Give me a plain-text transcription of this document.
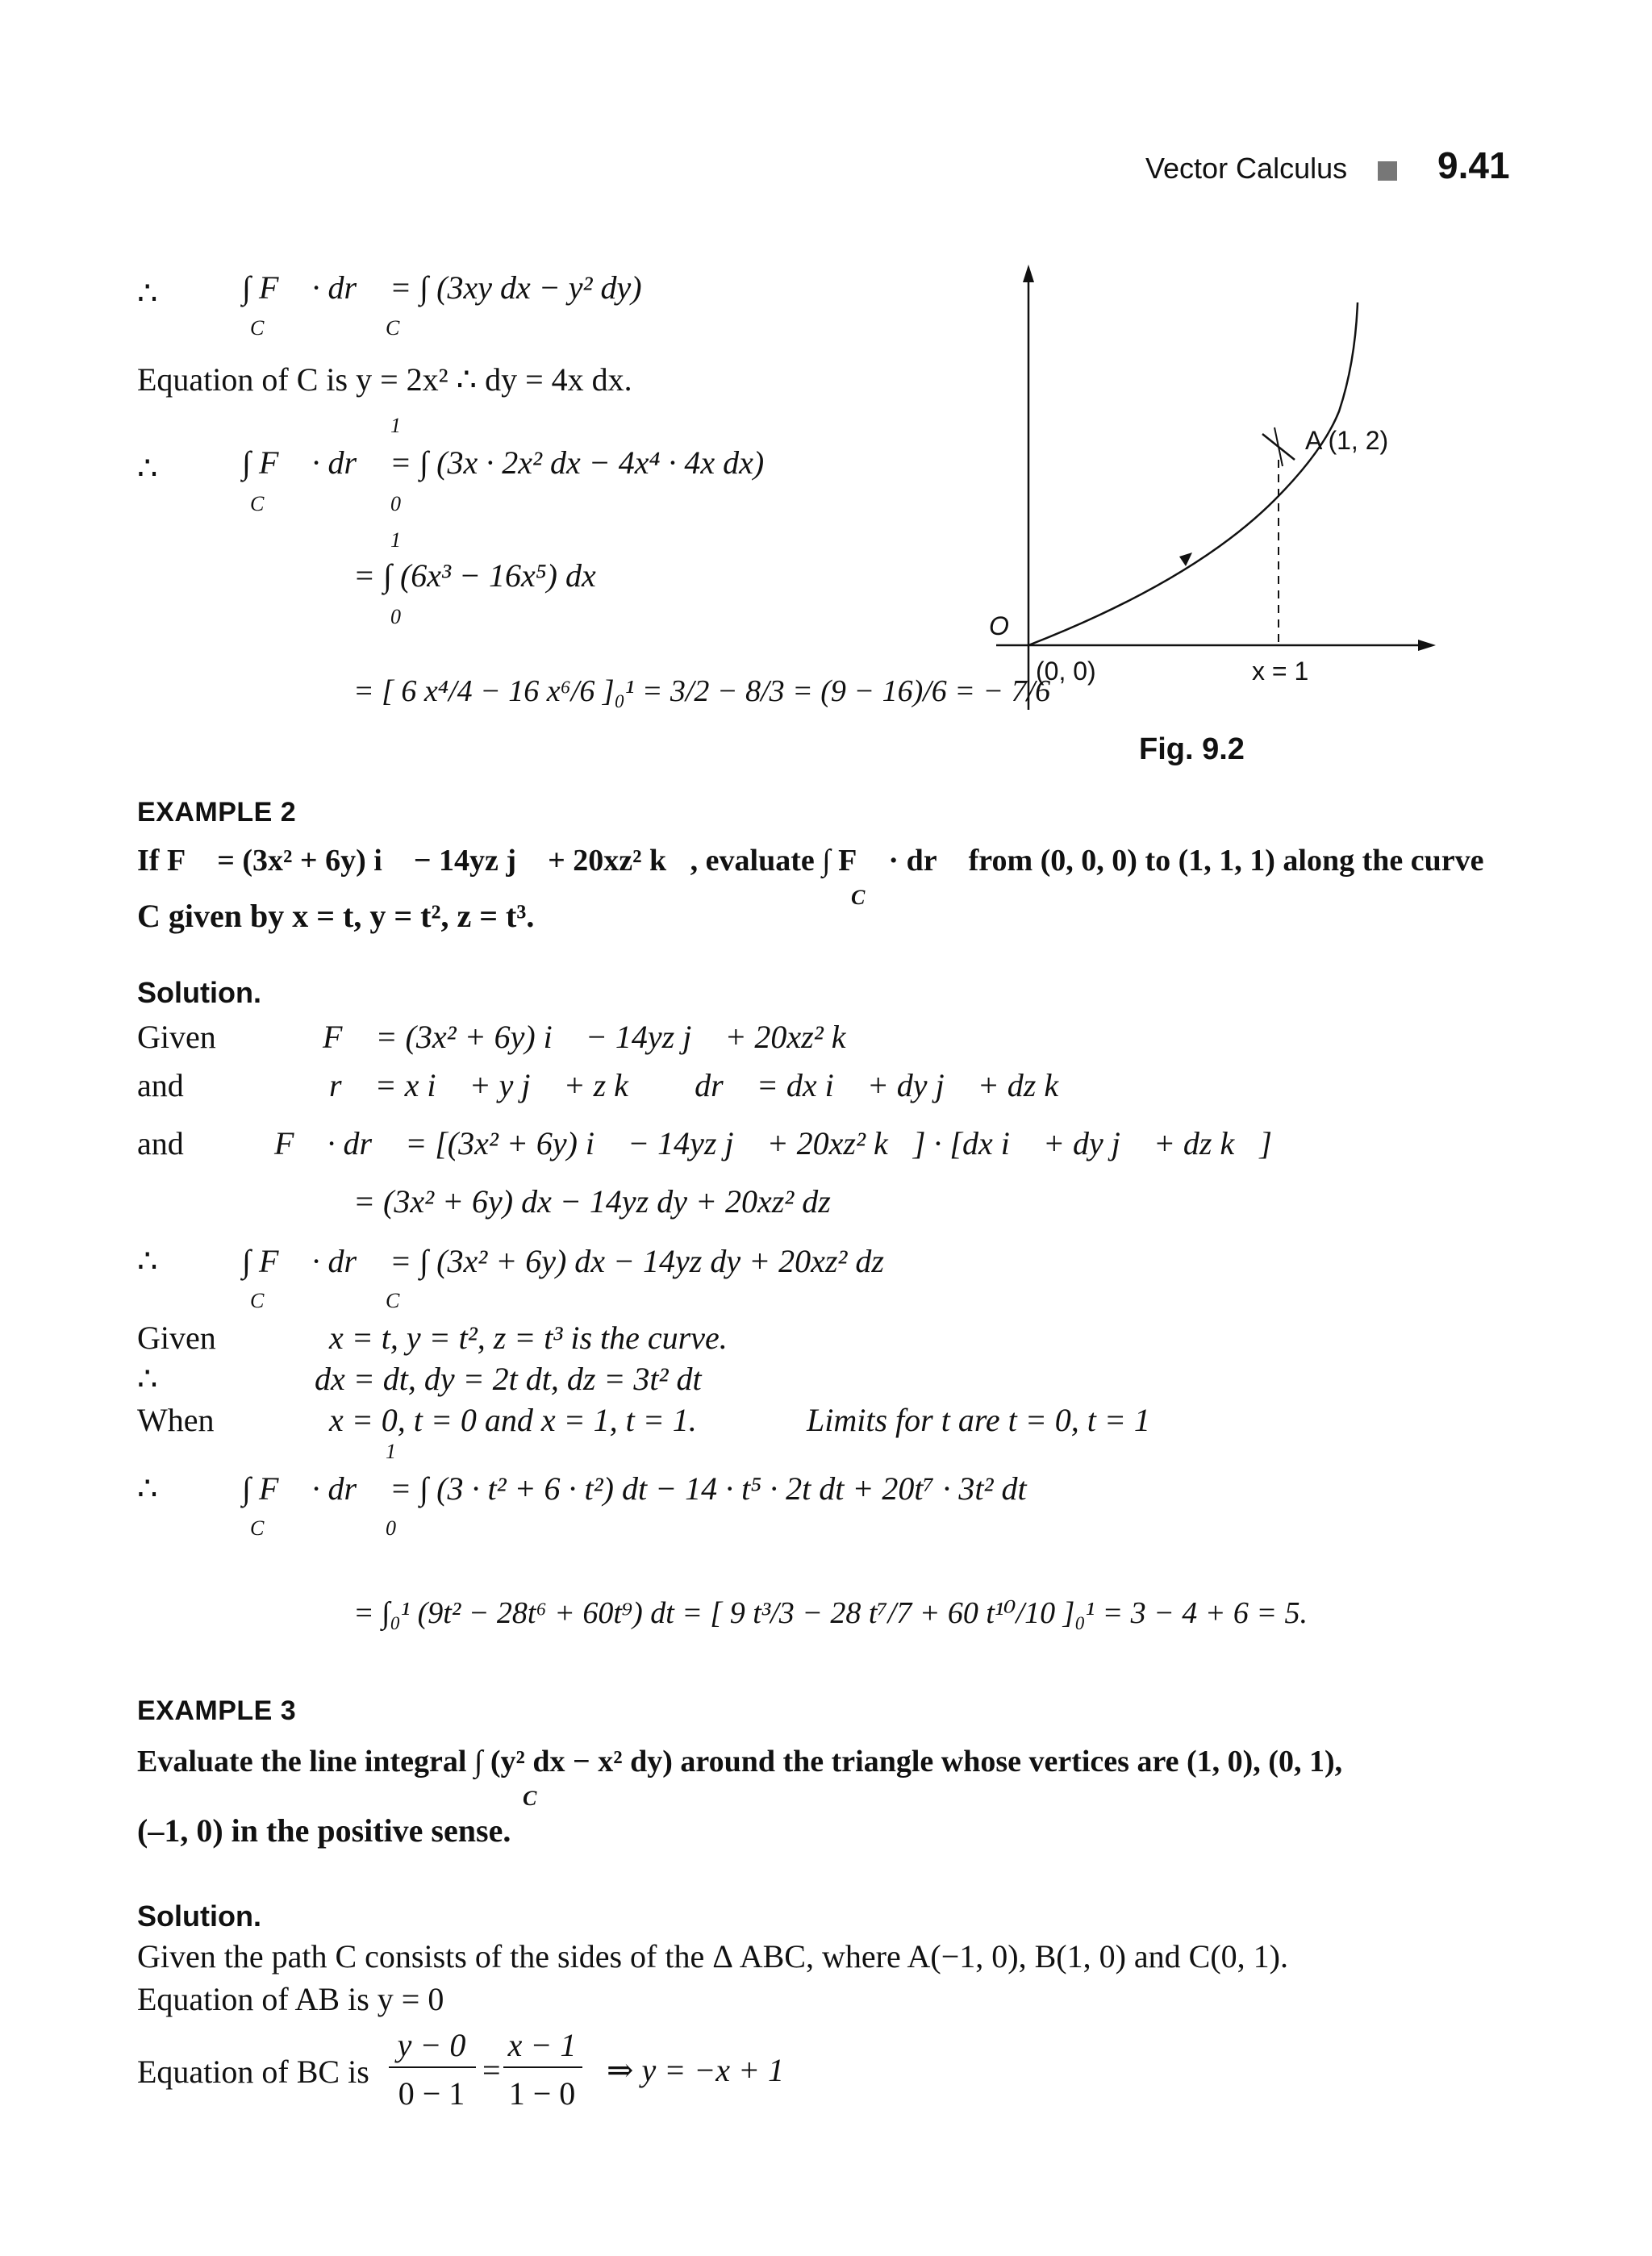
Vector Calculus 9.41
∴	∫ F⃗ · dr⃗ = ∫ (3xy dx − y² dy)
C	C
Equation of C is y = 2x² ∴ dy = 4x dx.
∴
1
∫ F⃗ · dr⃗ = ∫ (3x · 2x² dx − 4x⁴ · 4x dx)
C	0
1
= ∫ (6x³ − 16x⁵) dx
0
= [ 6 x⁴/4 − 16 x⁶/6 ]₀¹ = 3/2 − 8/3 = (9 − 16)/6 = − 7/6
A (1, 2)
O
(0, 0)	x = 1
Fig. 9.2
EXAMPLE 2
If F⃗ = (3x² + 6y) i⃗ − 14yz j⃗ + 20xz² k⃗, evaluate ∫ F⃗ · dr⃗ from (0, 0, 0) to (1, 1, 1) along the curve
C
C given by x = t, y = t², z = t³.
Solution.
Given	F⃗ = (3x² + 6y) i⃗ − 14yz j⃗ + 20xz² k⃗
and	r⃗ = x i⃗ + y j⃗ + z k⃗ ∴ dr⃗ = dx i⃗ + dy j⃗ + dz k⃗
and	F⃗ · dr⃗ = [(3x² + 6y) i⃗ − 14yz j⃗ + 20xz² k⃗] · [dx i⃗ + dy j⃗ + dz k⃗]
= (3x² + 6y) dx − 14yz dy + 20xz² dz
∴	∫ F⃗ · dr⃗ = ∫ (3x² + 6y) dx − 14yz dy + 20xz² dz
C	C
Given	x = t, y = t², z = t³ is the curve.
∴	dx = dt, dy = 2t dt, dz = 3t² dt
When	x = 0, t = 0 and x = 1, t = 1.	Limits for t are t = 0, t = 1
∴
1
∫ F⃗ · dr⃗ = ∫ (3 · t² + 6 · t²) dt − 14 · t⁵ · 2t dt + 20t⁷ · 3t² dt
C	0
= ∫₀¹ (9t² − 28t⁶ + 60t⁹) dt = [ 9 t³/3 − 28 t⁷/7 + 60 t¹⁰/10 ]₀¹ = 3 − 4 + 6 = 5.
EXAMPLE 3
Evaluate the line integral ∫ (y² dx − x² dy) around the triangle whose vertices are (1, 0), (0, 1),
C
(–1, 0) in the positive sense.
Solution.
Given the path C consists of the sides of the Δ ABC, where A(−1, 0), B(1, 0) and C(0, 1).
Equation of AB is y = 0
Equation of BC is
y − 0
0 − 1
=
x − 1
1 − 0
⇒ y = −x + 1
